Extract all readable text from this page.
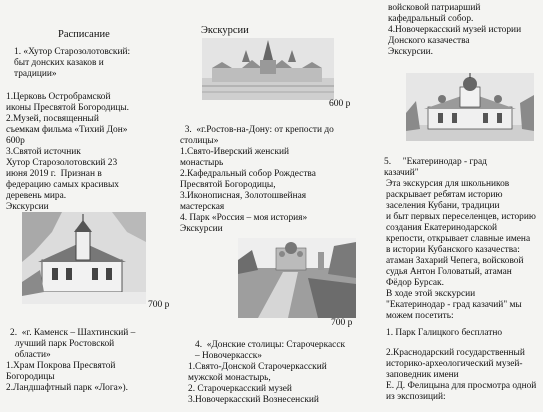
Расписание
1. «Хутор Старозолотовский:
быт донских казаков и
традиции»
1.Церковь Остробрамской
иконы Пресвятой Богородицы.
2.Музей, посвященный
съемкам фильма «Тихий Дон»
600р
3.Святой источник
Хутор Старозолотовский 23
июня 2019 г.  Признан в
федерацию самых красивых
деревень мира.
Экскурсии
700 р
2.  «г. Каменск – Шахтинский –
лучший парк Ростовской
области»
1.Храм Покрова Пресвятой
Богородицы
2.Ландшафтный парк «Лога»).
Экскурсии
600 р
3.  «г.Ростов-на-Дону: от крепости до
столицы»
1.Свято-Иверский женский
монастырь
2.Кафедральный собор Рождества
Пресвятой Богородицы,
3.Иконописная, Золотошвейная
мастерская
4. Парк «Россия – моя история»
Экскурсии
700 р
4.  «Донские столицы: Старочеркасск
– Новочеркасск»
1.Свято-Донской Старочеркасский
мужской монастырь,
2. Старочеркасский музей
3.Новочеркасский Вознесенский
войсковой патриарший
кафедральный собор.
4.Новочеркасский музей истории
Донского казачества
Экскурсии.
5.     "Екатеринодар - град
казачий"
Эта экскурсия для школьников
раскрывает ребятам историю
заселения Кубани, традиции
и быт первых переселенцев, историю
создания Екатеринодарской
крепости, открывает славные имена
в истории Кубанского казачества:
атаман Захарий Чепега, войсковой
судья Антон Головатый, атаман
Фёдор Бурсак.
В ходе этой экскурсии
"Екатеринодар - град казачий" мы
можем посетить:
1. Парк Галицкого бесплатно
2.Краснодарский государственный
историко-археологический музей-
заповедник имени
Е. Д. Фелицына для просмотра одной
из экспозиций:
